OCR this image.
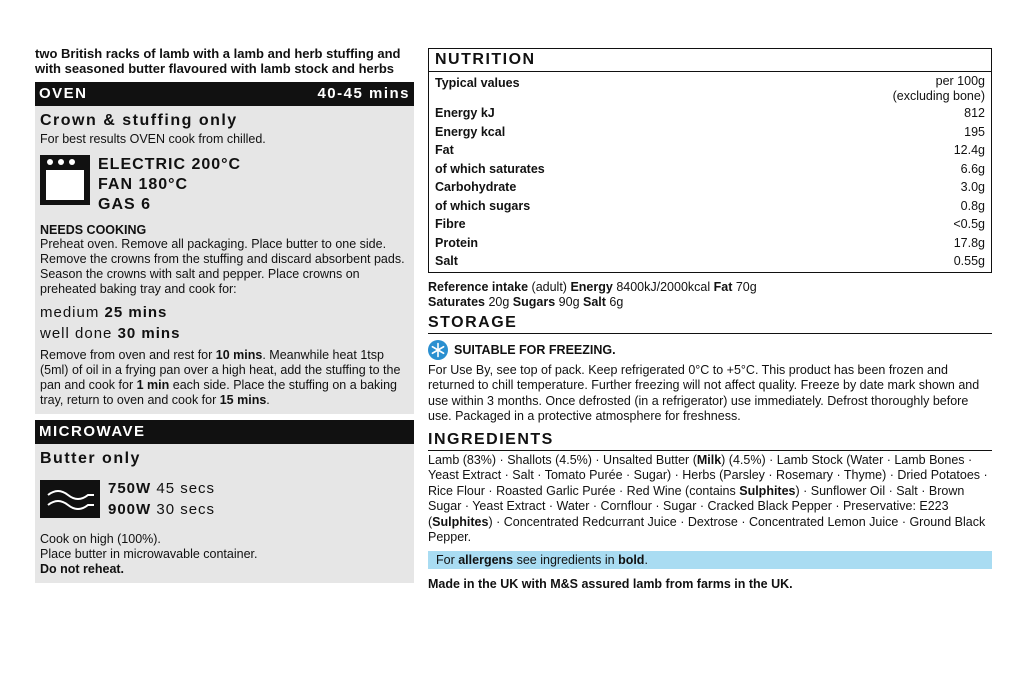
two British racks of lamb with a lamb and herb stuffing and with seasoned butter flavoured with lamb stock and herbs
OVEN	40-45 mins
Crown & stuffing only
For best results OVEN cook from chilled.
ELECTRIC 200°C
FAN 180°C
GAS 6
NEEDS COOKING
Preheat oven. Remove all packaging. Place butter to one side. Remove the crowns from the stuffing and discard absorbent pads. Season the crowns with salt and pepper. Place crowns on preheated baking tray and cook for:
medium 25 mins
well done 30 mins
Remove from oven and rest for 10 mins. Meanwhile heat 1tsp (5ml) of oil in a frying pan over a high heat, add the stuffing to the pan and cook for 1 min each side. Place the stuffing on a baking tray, return to oven and cook for 15 mins.
MICROWAVE
Butter only
750W 45 secs
900W 30 secs
Cook on high (100%).
Place butter in microwavable container.
Do not reheat.
NUTRITION
Typical values	per 100g
(excluding bone)
Energy kJ	812
Energy kcal	195
Fat	12.4g
of which saturates	6.6g
Carbohydrate	3.0g
of which sugars	0.8g
Fibre	<0.5g
Protein	17.8g
Salt	0.55g
Reference intake (adult) Energy 8400kJ/2000kcal Fat 70g
Saturates 20g Sugars 90g Salt 6g
STORAGE
SUITABLE FOR FREEZING.
For Use By, see top of pack. Keep refrigerated 0°C to +5°C. This product has been frozen and returned to chill temperature. Further freezing will not affect quality. Freeze by date mark shown and use within 3 months. Once defrosted (in a refrigerator) use immediately. Defrost thoroughly before use. Packaged in a protective atmosphere for freshness.
INGREDIENTS
Lamb (83%) · Shallots (4.5%) · Unsalted Butter (Milk) (4.5%) · Lamb Stock (Water · Lamb Bones · Yeast Extract · Salt · Tomato Purée · Sugar) · Herbs (Parsley · Rosemary · Thyme) · Dried Potatoes · Rice Flour · Roasted Garlic Purée · Red Wine (contains Sulphites) · Sunflower Oil · Salt · Brown Sugar · Yeast Extract · Water · Cornflour · Sugar · Cracked Black Pepper · Preservative: E223 (Sulphites) · Concentrated Redcurrant Juice · Dextrose · Concentrated Lemon Juice · Ground Black Pepper.
For allergens see ingredients in bold.
Made in the UK with M&S assured lamb from farms in the UK.
